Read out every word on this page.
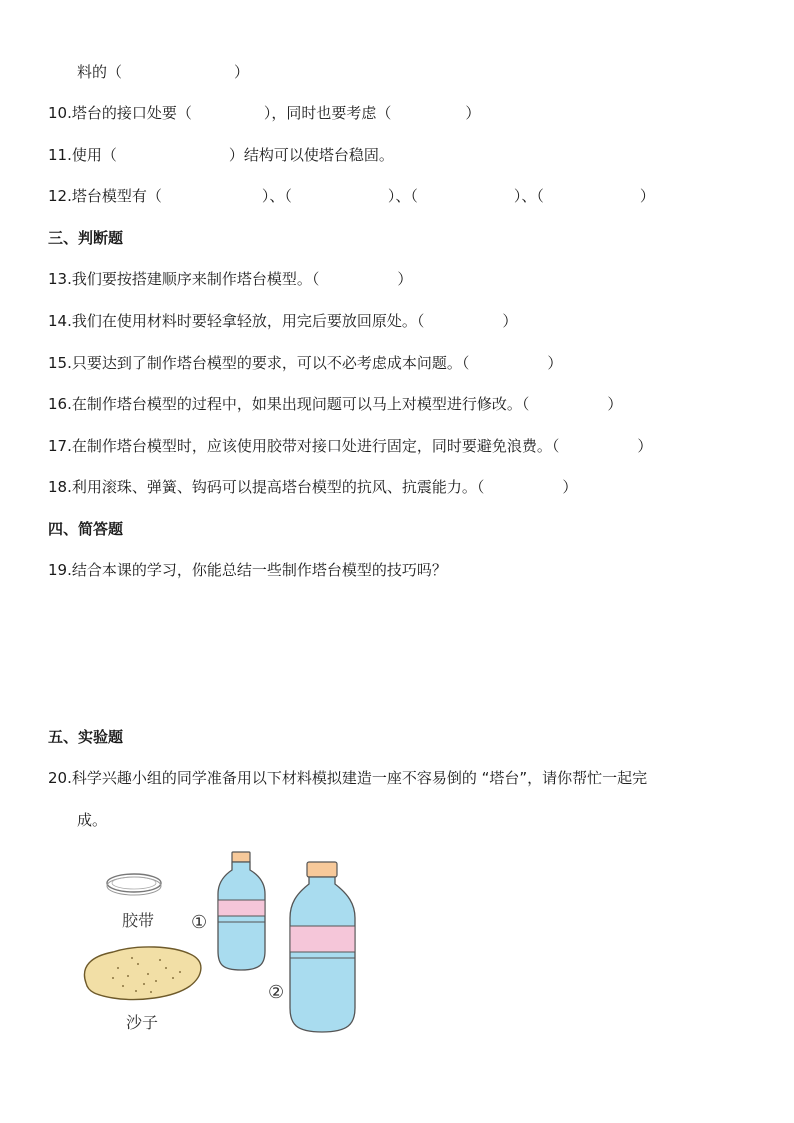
料的（	）
10.塔台的接口处要（	），同时也要考虑（	）
11.使用（	）结构可以使塔台稳固。
12.塔台模型有（	）、（	）、（	）、（	）
三、判断题
13.我们要按搭建顺序来制作塔台模型。（	）
14.我们在使用材料时要轻拿轻放，用完后要放回原处。（	）
15.只要达到了制作塔台模型的要求，可以不必考虑成本问题。（	）
16.在制作塔台模型的过程中，如果出现问题可以马上对模型进行修改。（	）
17.在制作塔台模型时，应该使用胶带对接口处进行固定，同时要避免浪费。（	）
18.利用滚珠、弹簧、钩码可以提高塔台模型的抗风、抗震能力。（	）
四、简答题
19.结合本课的学习，你能总结一些制作塔台模型的技巧吗？
五、实验题
20.科学兴趣小组的同学准备用以下材料模拟建造一座不容易倒的 “塔台”，请你帮忙一起完
成。
胶带
沙子
①
②
